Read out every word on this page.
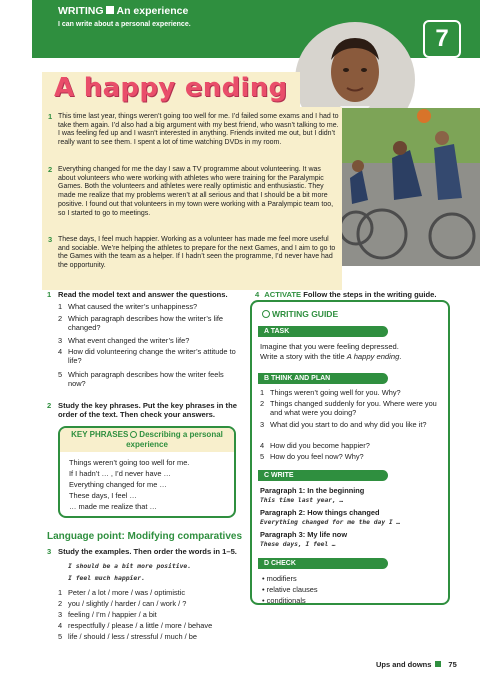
WRITING An experience
I can write about a personal experience.
7
A happy ending
1 This time last year, things weren’t going too well for me. I’d failed some exams and I had to take them again. I’d also had a big argument with my best friend, who wasn’t talking to me. I was feeling fed up and I wasn’t interested in anything. Friends invited me out, but I didn’t really want to see them. I spent a lot of time watching DVDs in my room.
2 Everything changed for me the day I saw a TV programme about volunteering. It was about volunteers who were working with athletes who were training for the Paralympic Games. Both the volunteers and athletes were really optimistic and enthusiastic. They made me realize that my problems weren’t at all serious and that I should be a bit more positive. I found out that volunteers in my town were working with a Paralympic team too, so I started to go to meetings.
3 These days, I feel much happier. Working as a volunteer has made me feel more useful and sociable. We’re helping the athletes to prepare for the next Games, and I aim to go to the Games with the team as a helper. If I hadn’t seen the programme, I’d never have had the opportunity.
1 Read the model text and answer the questions.
1 What caused the writer’s unhappiness?
2 Which paragraph describes how the writer’s life changed?
3 What event changed the writer’s life?
4 How did volunteering change the writer’s attitude to life?
5 Which paragraph describes how the writer feels now?
2 Study the key phrases. Put the key phrases in the order of the text. Then check your answers.
KEY PHRASES Describing a personal
experience
Things weren’t going too well for me.
If I hadn’t … , I’d never have …
Everything changed for me …
These days, I feel …
… made me realize that …
Language point: Modifying comparatives
3 Study the examples. Then order the words in 1–5.
I should be a bit more positive.
I feel much happier.
1 Peter / a lot / more / was / optimistic
2 you / slightly / harder / can / work / ?
3 feeling / I’m / happier / a bit
4 respectfully / please / a little / more / behave
5 life / should / less / stressful / much / be
4 ACTIVATE Follow the steps in the writing guide.
WRITING GUIDE
A TASK
Imagine that you were feeling depressed.
Write a story with the title A happy ending.
B THINK AND PLAN
1 Things weren’t going well for you. Why?
2 Things changed suddenly for you. Where were you and what were you doing?
3 What did you start to do and why did you like it?
4 How did you become happier?
5 How do you feel now? Why?
C WRITE
Paragraph 1: In the beginning
This time last year, …
Paragraph 2: How things changed
Everything changed for me the day I …
Paragraph 3: My life now
These days, I feel …
D CHECK
• modifiers
• relative clauses
• conditionals
Ups and downs 75
